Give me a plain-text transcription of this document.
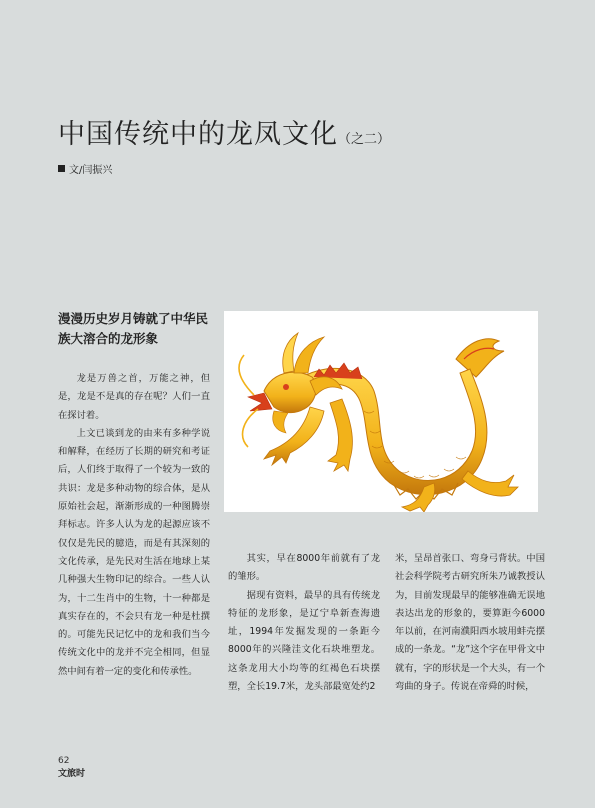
中国传统中的龙凤文化（之二）
文/闫振兴
漫漫历史岁月铸就了中华民族大溶合的龙形象

龙是万兽之首，万能之神，但是，龙是不是真的存在呢？人们一直在探讨着。

上文已谈到龙的由来有多种学说和解释，在经历了长期的研究和考证后，人们终于取得了一个较为一致的共识：龙是多种动物的综合体，是从原始社会起，渐渐形成的一种图腾崇拜标志。许多人认为龙的起源应该不仅仅是先民的臆造，而是有其深刻的文化传承，是先民对生活在地球上某几种强大生物印记的综合。一些人认为，十二生肖中的生物，十一种都是真实存在的，不会只有龙一种是杜撰的。可能先民记忆中的龙和我们当今传统文化中的龙并不完全相同，但显然中间有着一定的变化和传承性。

其实，早在8000年前就有了龙的雏形。

据现有资料，最早的具有传统龙特征的龙形象，是辽宁阜新查海遗址，1994年发掘发现的一条距今8000年的兴隆洼文化石块堆塑龙。这条龙用大小均等的红褐色石块摆塑，全长19.7米，龙头部最宽处约2

米，呈昂首张口、弯身弓背状。中国社会科学院考古研究所朱乃诚教授认为，目前发现最早的能够准确无误地表达出龙的形象的，要算距今6000年以前，在河南濮阳西水坡用蚌壳摆成的一条龙。“龙”这个字在甲骨文中就有，字的形状是一个大头，有一个弯曲的身子。传说在帝舜的时候，

62
文旅时
